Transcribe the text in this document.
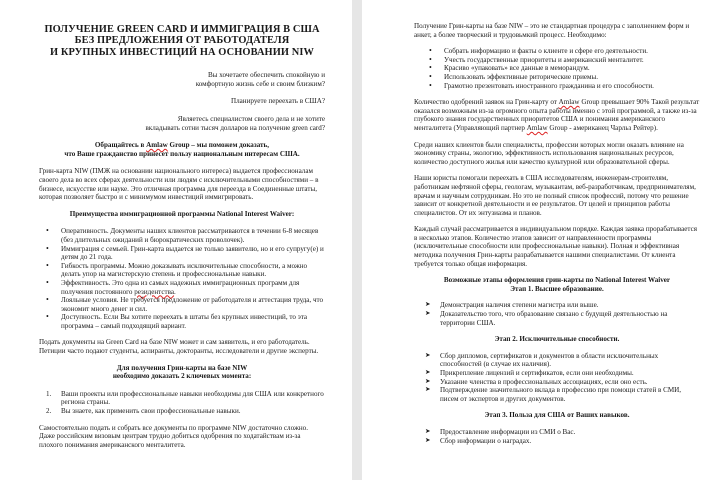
ПОЛУЧЕНИЕ GREEN CARD И ИММИГРАЦИЯ В США
БЕЗ ПРЕДЛОЖЕНИЯ ОТ РАБОТОДАТЕЛЯ
И КРУПНЫХ ИНВЕСТИЦИЙ НА ОСНОВАНИИ NIW
Вы хочетаете обеспечить спокойную и
комфортную жизнь себе и своим близким?
Планируете переехать в США?
Являетесь специалистом своего дела и не хотите
вкладывать сотни тысяч долларов на получение green card?
Обращайтесь в Amlaw Group – мы поможем доказать,
что Ваше гражданство принесет пользу национальным интересам США.

Грин-карта NIW (ПМЖ на основании национального интереса) выдается профессионалам своего дела во всех сферах деятельности или людям с исключительными способностями – в бизнесе, искусстве или науке. Это отличная программа для переезда в Соединенные штаты, которая позволяет быстро и с минимумом инвестиций иммигрировать.

Преимущества иммиграционной программы National Interest Waiver:
• Оперативность. Документы наших клиентов рассматриваются в течении 6-8 месяцев (без длительных ожиданий и бюрократических проволочек).
• Иммиграция с семьей. Грин-карта выдается не только заявителю, но и его супругу(е) и детям до 21 года.
• Гибкость программы. Можно доказывать исключительные способности, а можно делать упор на магистерскую степень и профессиональные навыки.
• Эффективность. Это одна из самых надежных иммиграционных программ для получения постоянного резидентства.
• Лояльные условия. Не требуется предложение от работодателя и аттестация труда, что экономит много денег и сил.
• Доступность. Если Вы хотите переехать в штаты без крупных инвестиций, то эта программа – самый подходящий вариант.

Подать документы на Green Card на базе NIW может и сам заявитель, и его работодатель. Петиции часто подают студенты, аспиранты, докторанты, исследователи и другие эксперты.

Для получения Грин-карты на базе NIW
необходимо доказать 2 ключевых момента:
1. Ваши проекты или профессиональные навыки необходимы для США или конкретного региона страны.
2. Вы знаете, как применить свои профессиональные навыки.

Самостоятельно подать и собрать все документы по программе NIW достаточно сложно. Даже российским визовым центрам трудно добиться одобрения по ходатайствам из-за плохого понимания американского менталитета.

Получение Грин-карты на базе NIW – это не стандартная процедура с заполнением форм и анкет, а более творческий и трудовьмкий процесс. Необходимо:

• Собрать информацию и факты о клиенте и сфере его деятельности.
• Учесть государственные приоритеты и американский менталитет.
• Красиво «упаковать» все данные в меморандум.
• Использовать эффективные риторические приемы.
• Грамотно презентовать иностранного гражданина и его способности.

Количество одобрений заявок на Грин-карту от Amlaw Group превышает 90% Такой результат оказался возможным из-за огромного опыта работы именно с этой программой, а также из-за глубокого знания государственных приоритетов США и понимания американского менталитета (Управляющий партнер Amlaw Group - американец Чарльз Рейтер).

Среди наших клиентов были специалисты, профессии которых могли оказать влияние на экономику страны, экологию, эффективность использования национальных ресурсов, количество доступного жилья или качество культурной или образовательной сферы.

Наши юристы помогали переехать в США исследователям, инженерам-строителям, работникам нефтяной сферы, геологам, музыкантам, веб-разработчикам, предпринимателям, врачам и научным сотрудникам. Но это не полный список профессий, потому что решение зависит от конкретной деятельности и ее результатов. От целей и принципов работы специалистов. От их энтузиазма и планов.

Каждый случай рассматривается в индивидуальном порядке. Каждая заявка прорабатывается в несколько этапов. Количество этапов зависит от направленности программы (исключительные способности или профессиональные навыки). Полная и эффективная методика получения Грин-карты разрабатывается нашими специалистами. От клиента требуется только общая информация.

Возможные этапы оформления грин-карты по National Interest Waiver
Этап 1. Высшее образование.
➤ Демонстрация наличия степени магистра или выше.
➤ Доказательство того, что образование связано с будущей деятельностью на территории США.
Этап 2. Исключительные способности.
➤ Сбор дипломов, сертификатов и документов в области исключительных способностей (в случае их наличия).
➤ Прикрепление лицензий и сертификатов, если они необходимы.
➤ Указание членства в профессиональных ассоциациях, если оно есть.
➤ Подтверждение значительного вклада в профессию при помощи статей в СМИ, писем от экспертов и других документов.
Этап 3. Польза для США от Ваших навыков.
➤ Предоставление информации из СМИ о Вас.
➤ Сбор информации о наградах.
